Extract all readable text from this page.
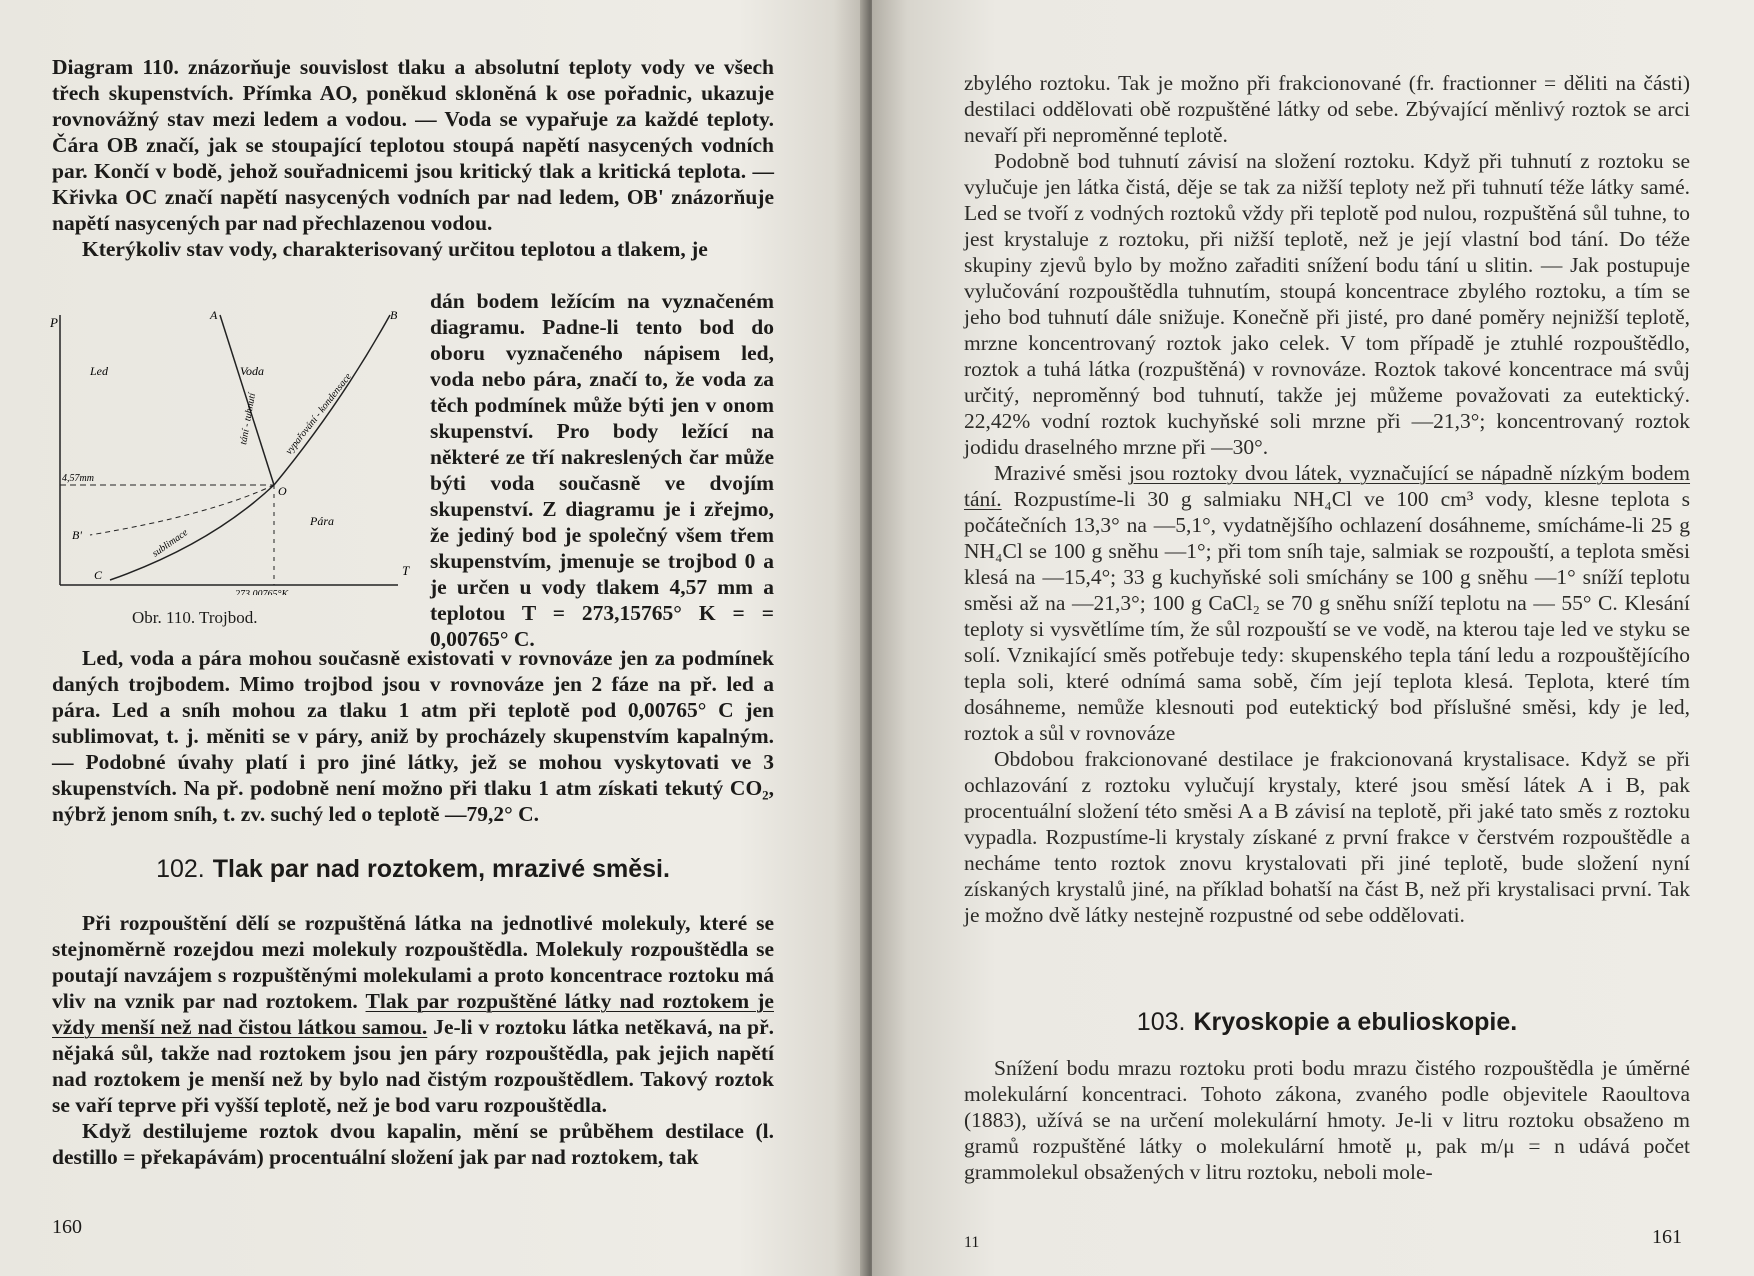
Diagram 110. znázorňuje souvislost tlaku a absolutní teploty vody ve všech třech skupenstvích. Přímka AO, poněkud skloněná k ose pořadnic, ukazuje rovnovážný stav mezi ledem a vodou. — Voda se vypařuje za každé teploty. Čára OB značí, jak se stoupající teplotou stoupá napětí nasycených vodních par. Končí v bodě, jehož souřadnicemi jsou kritický tlak a kritická teplota. — Křivka OC značí napětí nasycených vodních par nad ledem, OB' znázorňuje napětí nasycených par nad přechlazenou vodou.

Kterýkoliv stav vody, charakterisovaný určitou teplotou a tlakem, je

P
T
A	B
B'
C
O
Led	Voda
Pára
4,57mm
273,00765°K
tání - tuhnutí	vypařování - kondensace
sublimace
Obr. 110. Trojbod.
dán bodem ležícím na vyznačeném diagramu. Padne-li tento bod do oboru vyznačeného nápisem led, voda nebo pára, značí to, že voda za těch podmínek může býti jen v onom skupenství. Pro body ležící na některé ze tří nakreslených čar může býti voda současně ve dvojím skupenství. Z diagramu je i zřejmo, že jediný bod je společný všem třem skupenstvím, jmenuje se trojbod 0 a je určen u vody tlakem 4,57 mm a teplotou T = 273,15765° K = = 0,00765° C.

Led, voda a pára mohou současně existovati v rovnováze jen za podmínek daných trojbodem. Mimo trojbod jsou v rovnováze jen 2 fáze na př. led a pára. Led a sníh mohou za tlaku 1 atm při teplotě pod 0,00765° C jen sublimovat, t. j. měniti se v páry, aniž by procházely skupenstvím kapalným. — Podobné úvahy platí i pro jiné látky, jež se mohou vyskytovati ve 3 skupenstvích. Na př. podobně není možno při tlaku 1 atm získati tekutý CO₂, nýbrž jenom sníh, t. zv. suchý led o teplotě —79,2° C.

102. Tlak par nad roztokem, mrazivé směsi.

Při rozpouštění dělí se rozpuštěná látka na jednotlivé molekuly, které se stejnoměrně rozejdou mezi molekuly rozpouštědla. Molekuly rozpouštědla se poutají navzájem s rozpuštěnými molekulami a proto koncentrace roztoku má vliv na vznik par nad roztokem. Tlak par rozpuštěné látky nad roztokem je vždy menší než nad čistou látkou samou. Je-li v roztoku látka netěkavá, na př. nějaká sůl, takže nad roztokem jsou jen páry rozpouštědla, pak jejich napětí nad roztokem je menší než by bylo nad čistým rozpouštědlem. Takový roztok se vaří teprve při vyšší teplotě, než je bod varu rozpouštědla.

Když destilujeme roztok dvou kapalin, mění se průběhem destilace (l. destillo = překapávám) procentuální složení jak par nad roztokem, tak

160

zbylého roztoku. Tak je možno při frakcionované (fr. fractionner = děliti na části) destilaci oddělovati obě rozpuštěné látky od sebe. Zbývající měnlivý roztok se arci nevaří při neproměnné teplotě.

Podobně bod tuhnutí závisí na složení roztoku. Když při tuhnutí z roztoku se vylučuje jen látka čistá, děje se tak za nižší teploty než při tuhnutí téže látky samé. Led se tvoří z vodných roztoků vždy při teplotě pod nulou, rozpuštěná sůl tuhne, to jest krystaluje z roztoku, při nižší teplotě, než je její vlastní bod tání. Do téže skupiny zjevů bylo by možno zařaditi snížení bodu tání u slitin. — Jak postupuje vylučování rozpouštědla tuhnutím, stoupá koncentrace zbylého roztoku, a tím se jeho bod tuhnutí dále snižuje. Konečně při jisté, pro dané poměry nejnižší teplotě, mrzne koncentrovaný roztok jako celek. V tom případě je ztuhlé rozpouštědlo, roztok a tuhá látka (rozpuštěná) v rovnováze. Roztok takové koncentrace má svůj určitý, neproměnný bod tuhnutí, takže jej můžeme považovati za eutektický. 22,42% vodní roztok kuchyňské soli mrzne při —21,3°; koncentrovaný roztok jodidu draselného mrzne při —30°.

Mrazivé směsi jsou roztoky dvou látek, vyznačující se nápadně nízkým bodem tání. Rozpustíme-li 30 g salmiaku NH₄Cl ve 100 cm³ vody, klesne teplota s počátečních 13,3° na —5,1°, vydatnějšího ochlazení dosáhneme, smícháme-li 25 g NH₄Cl se 100 g sněhu —1°; při tom sníh taje, salmiak se rozpouští, a teplota směsi klesá na —15,4°; 33 g kuchyňské soli smíchány se 100 g sněhu —1° sníží teplotu směsi až na —21,3°; 100 g CaCl₂ se 70 g sněhu sníží teplotu na — 55° C. Klesání teploty si vysvětlíme tím, že sůl rozpouští se ve vodě, na kterou taje led ve styku se solí. Vznikající směs potřebuje tedy: skupenského tepla tání ledu a rozpouštějícího tepla soli, které odnímá sama sobě, čím její teplota klesá. Teplota, které tím dosáhneme, nemůže klesnouti pod eutektický bod příslušné směsi, kdy je led, roztok a sůl v rovnováze

Obdobou frakcionované destilace je frakcionovaná krystalisace. Když se při ochlazování z roztoku vylučují krystaly, které jsou směsí látek A i B, pak procentuální složení této směsi A a B závisí na teplotě, při jaké tato směs z roztoku vypadla. Rozpustíme-li krystaly získané z první frakce v čerstvém rozpouštědle a necháme tento roztok znovu krystalovati při jiné teplotě, bude složení nyní získaných krystalů jiné, na příklad bohatší na část B, než při krystalisaci první. Tak je možno dvě látky nestejně rozpustné od sebe oddělovati.

103. Kryoskopie a ebulioskopie.

Snížení bodu mrazu roztoku proti bodu mrazu čistého rozpouštědla je úměrné molekulární koncentraci. Tohoto zákona, zvaného podle objevitele Raoultova (1883), užívá se na určení molekulární hmoty. Je-li v litru roztoku obsaženo m gramů rozpuštěné látky o molekulární hmotě μ, pak m/μ = n udává počet grammolekul obsažených v litru roztoku, neboli mole-

11	161
